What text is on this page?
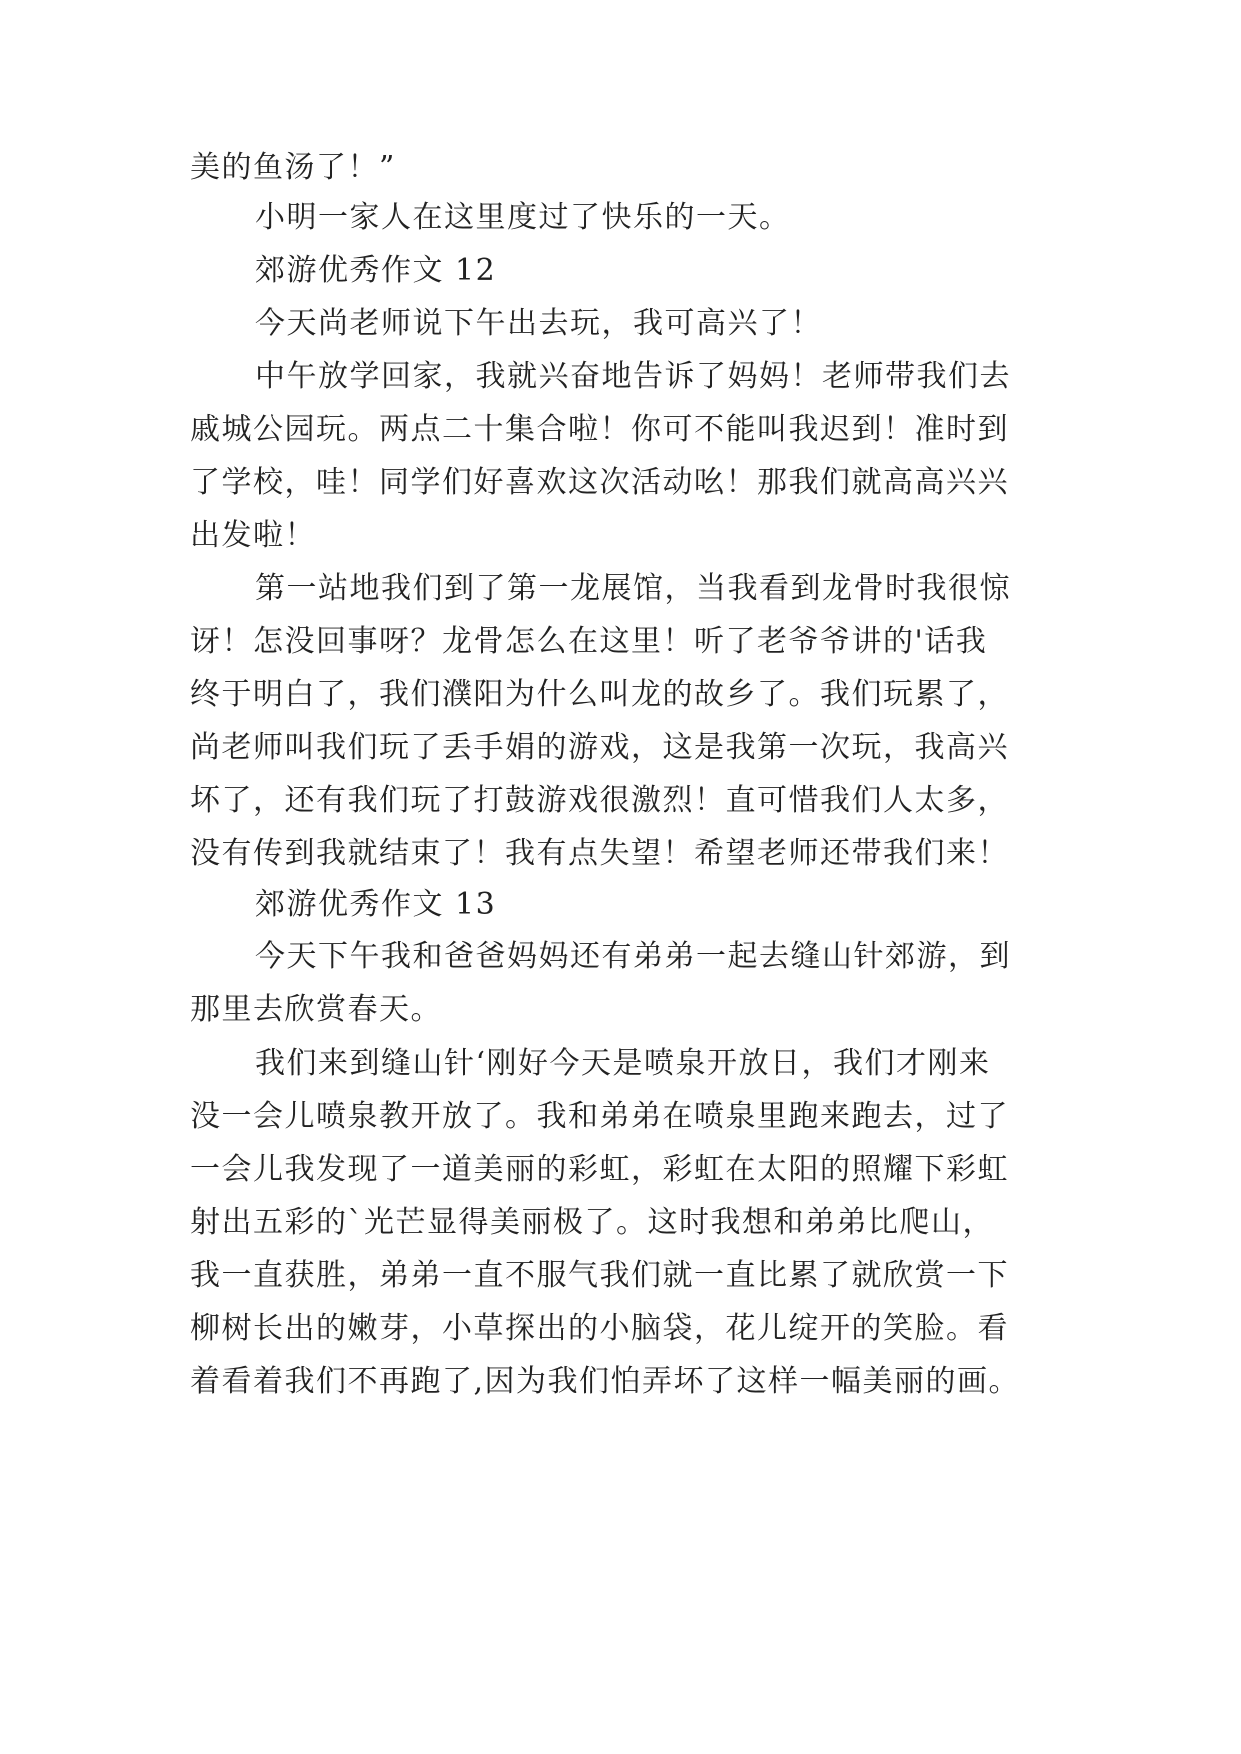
美的鱼汤了！”
小明一家人在这里度过了快乐的一天。
郊游优秀作文 12
今天尚老师说下午出去玩，我可高兴了！
中午放学回家，我就兴奋地告诉了妈妈！老师带我们去
戚城公园玩。两点二十集合啦！你可不能叫我迟到！准时到
了学校，哇！同学们好喜欢这次活动吆！那我们就高高兴兴
出发啦！
第一站地我们到了第一龙展馆，当我看到龙骨时我很惊
讶！怎没回事呀？龙骨怎么在这里！听了老爷爷讲的'话我
终于明白了，我们濮阳为什么叫龙的故乡了。我们玩累了，
尚老师叫我们玩了丢手娟的游戏，这是我第一次玩，我高兴
坏了，还有我们玩了打鼓游戏很激烈！直可惜我们人太多，
没有传到我就结束了！我有点失望！希望老师还带我们来！
郊游优秀作文 13
今天下午我和爸爸妈妈还有弟弟一起去缝山针郊游，到
那里去欣赏春天。
我们来到缝山针‘刚好今天是喷泉开放日，我们才刚来
没一会儿喷泉教开放了。我和弟弟在喷泉里跑来跑去，过了
一会儿我发现了一道美丽的彩虹，彩虹在太阳的照耀下彩虹
射出五彩的`光芒显得美丽极了。这时我想和弟弟比爬山，
我一直获胜，弟弟一直不服气我们就一直比累了就欣赏一下
柳树长出的嫩芽，小草探出的小脑袋，花儿绽开的笑脸。看
着看着我们不再跑了,因为我们怕弄坏了这样一幅美丽的画。
